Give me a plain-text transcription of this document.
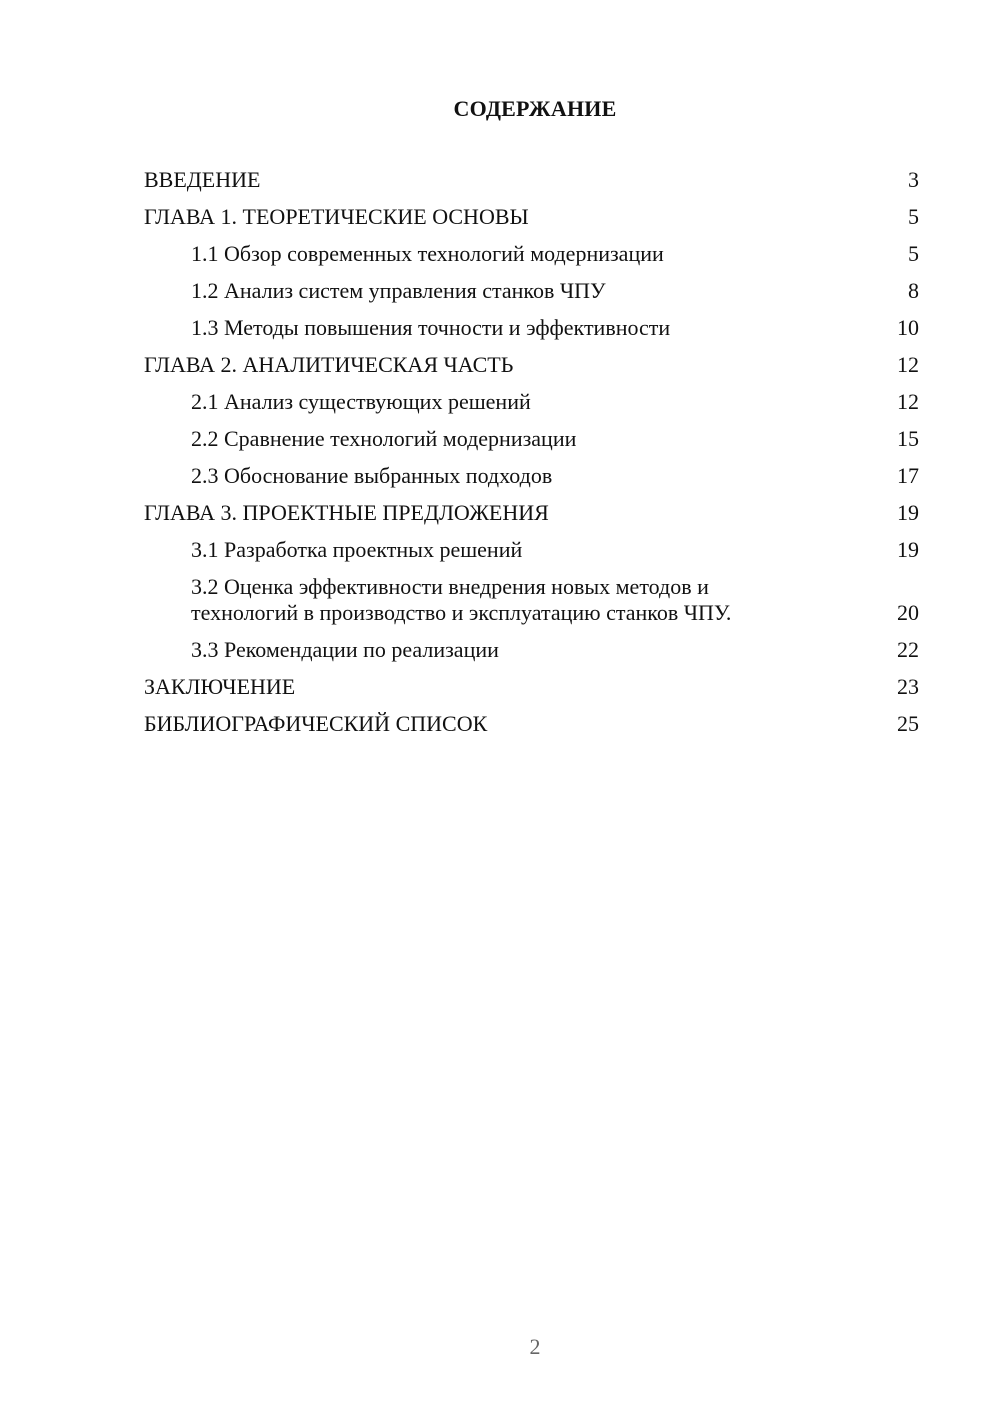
СОДЕРЖАНИЕ
ВВЕДЕНИЕ	3
ГЛАВА 1. ТЕОРЕТИЧЕСКИЕ ОСНОВЫ	5
1.1 Обзор современных технологий модернизации	5
1.2 Анализ систем управления станков ЧПУ	8
1.3 Методы повышения точности и эффективности	10
ГЛАВА 2. АНАЛИТИЧЕСКАЯ ЧАСТЬ	12
2.1 Анализ существующих решений	12
2.2 Сравнение технологий модернизации	15
2.3 Обоснование выбранных подходов	17
ГЛАВА 3. ПРОЕКТНЫЕ ПРЕДЛОЖЕНИЯ	19
3.1 Разработка проектных решений	19
3.2 Оценка эффективности внедрения новых методов и
технологий в производство и эксплуатацию станков ЧПУ.	20
3.3 Рекомендации по реализации	22
ЗАКЛЮЧЕНИЕ	23
БИБЛИОГРАФИЧЕСКИЙ СПИСОК	25
2
